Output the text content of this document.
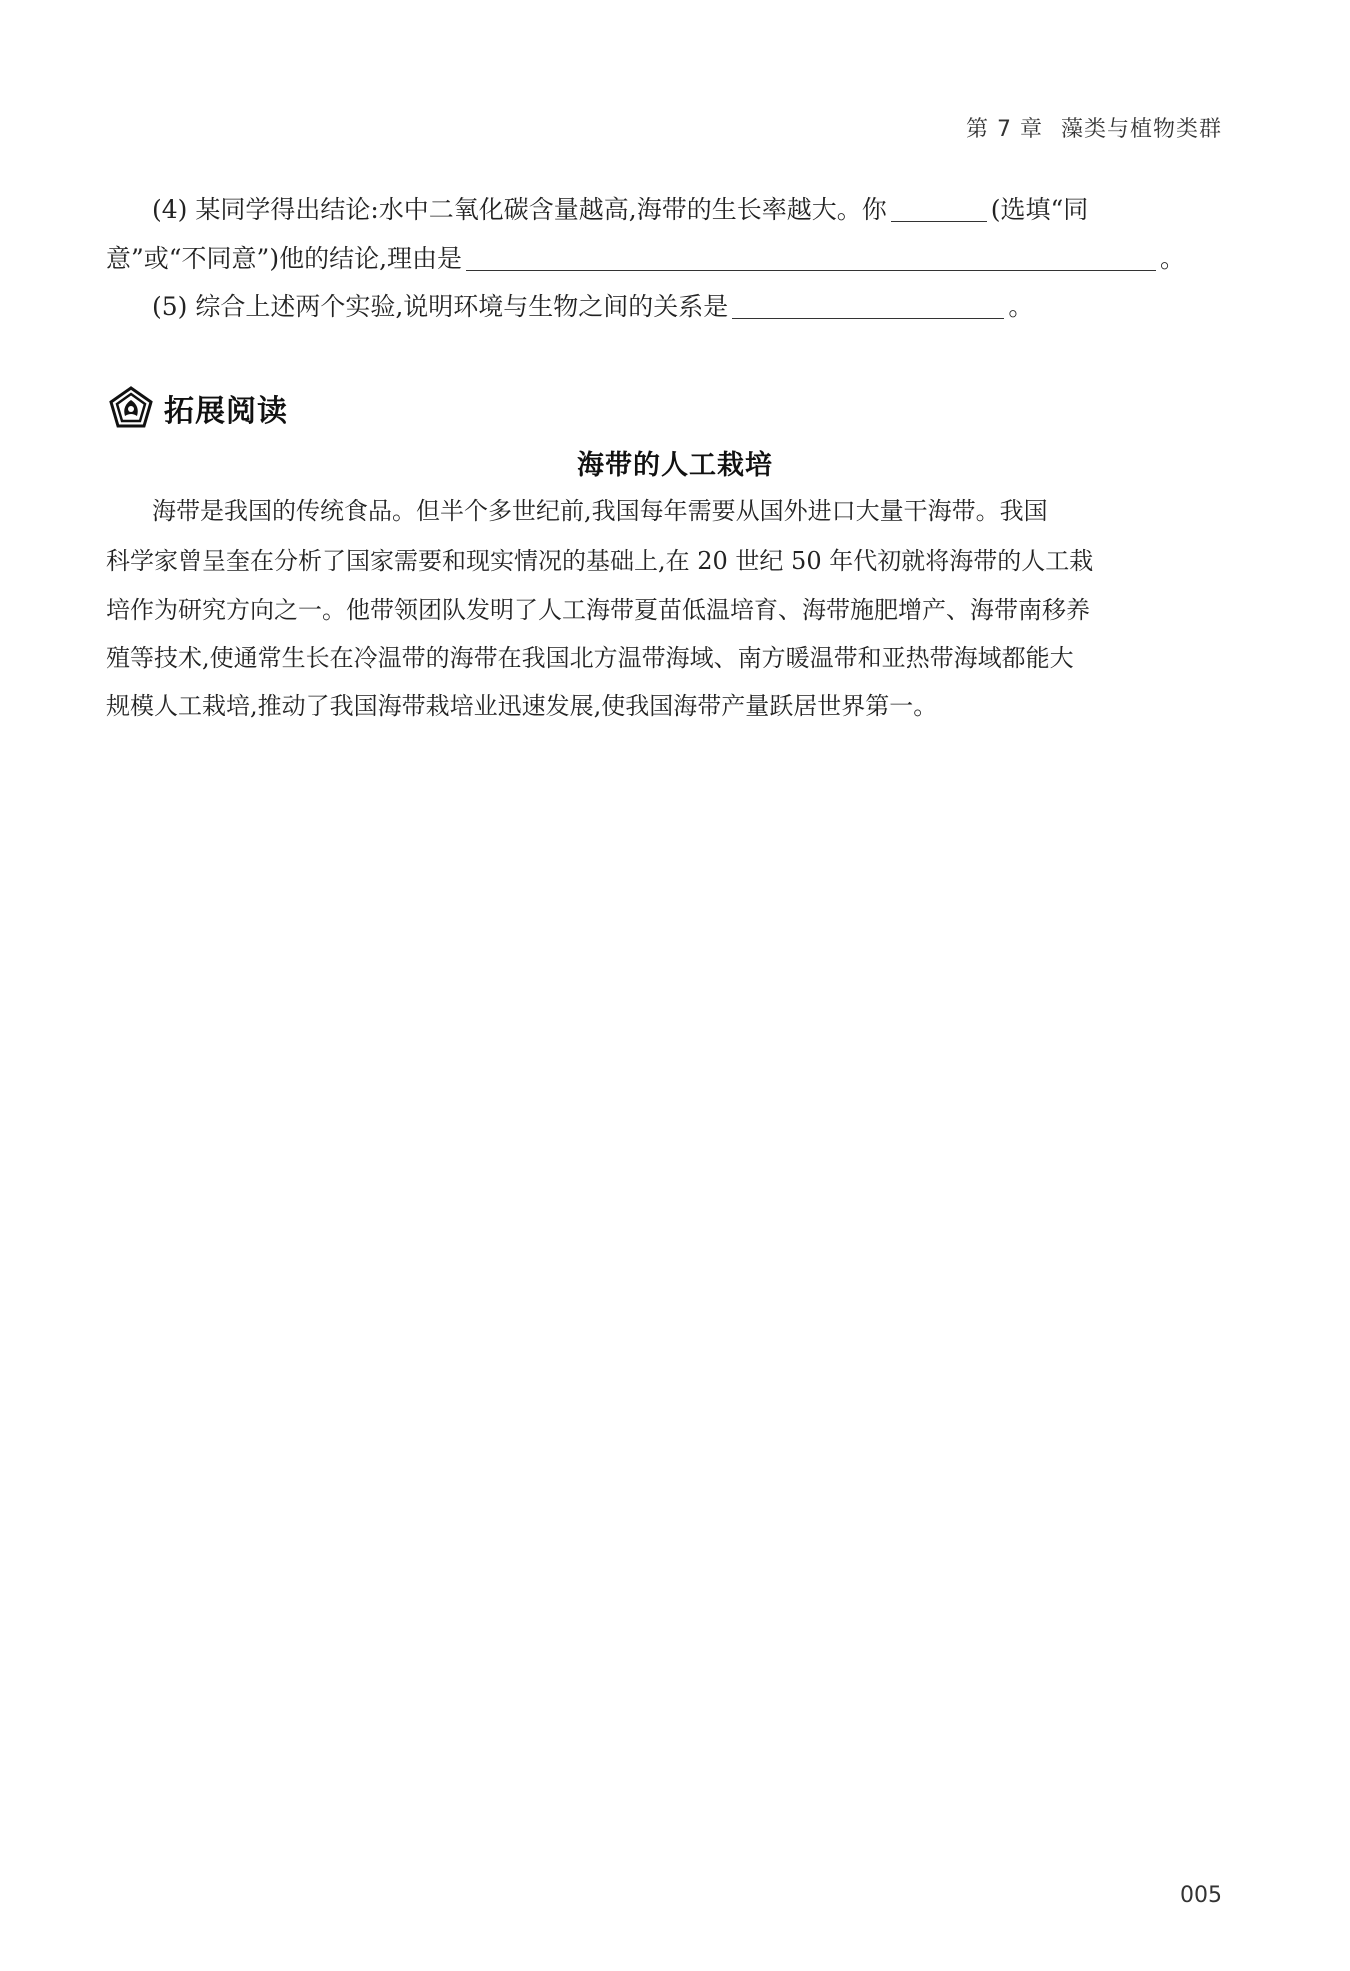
第 7 章 藻类与植物类群
(4) 某同学得出结论:水中二氧化碳含量越高,海带的生长率越大。你	(选填“同
意”或“不同意”)他的结论,理由是	。
(5) 综合上述两个实验,说明环境与生物之间的关系是	。
拓展阅读
海带的人工栽培
海带是我国的传统食品。但半个多世纪前,我国每年需要从国外进口大量干海带。我国
科学家曾呈奎在分析了国家需要和现实情况的基础上,在 20 世纪 50 年代初就将海带的人工栽
培作为研究方向之一。他带领团队发明了人工海带夏苗低温培育、海带施肥增产、海带南移养
殖等技术,使通常生长在冷温带的海带在我国北方温带海域、南方暖温带和亚热带海域都能大
规模人工栽培,推动了我国海带栽培业迅速发展,使我国海带产量跃居世界第一。
005
